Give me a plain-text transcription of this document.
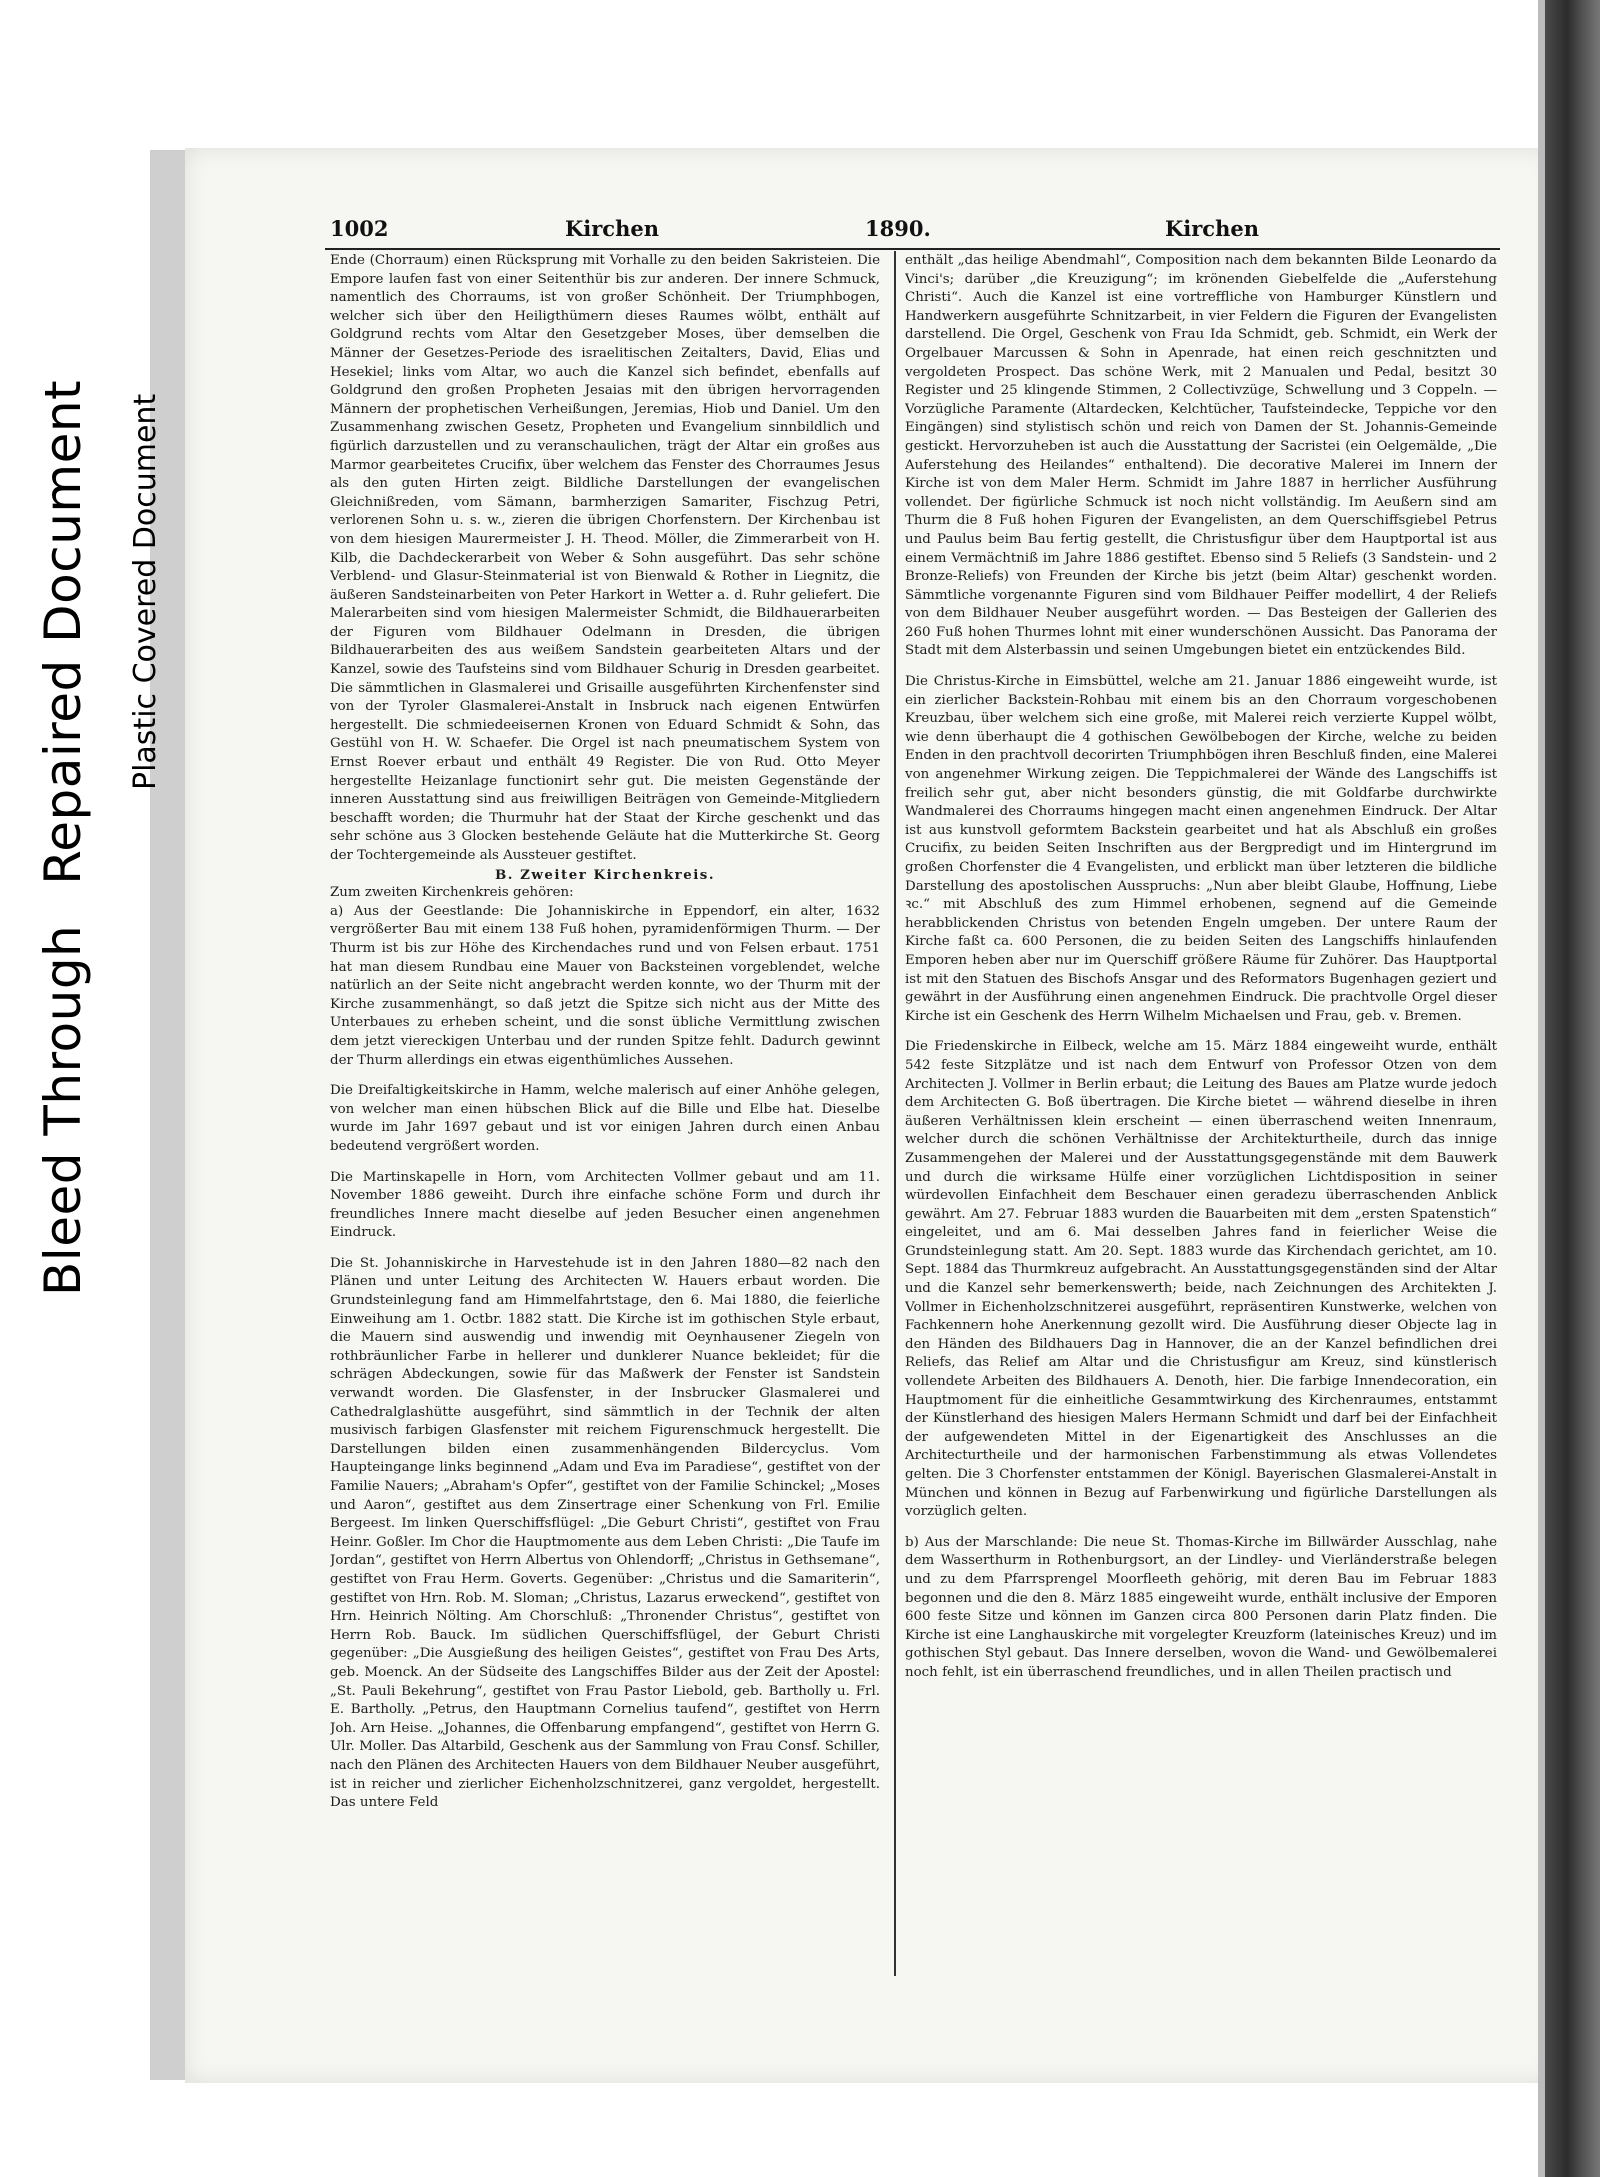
Bleed ThroughRepaired Document Plastic Covered Document
1002	Kirchen	1890.	Kirchen

Ende (Chorraum) einen Rücksprung mit Vorhalle zu den beiden Sakristeien. Die Empore laufen fast von einer Seitenthür bis zur anderen. Der innere Schmuck, namentlich des Chorraums, ist von großer Schönheit. Der Triumphbogen, welcher sich über den Heiligthümern dieses Raumes wölbt, enthält auf Goldgrund rechts vom Altar den Gesetzgeber Moses, über demselben die Männer der Gesetzes-Periode des israelitischen Zeitalters, David, Elias und Hesekiel; links vom Altar, wo auch die Kanzel sich befindet, ebenfalls auf Goldgrund den großen Propheten Jesaias mit den übrigen hervorragenden Männern der prophetischen Verheißungen, Jeremias, Hiob und Daniel. Um den Zusammenhang zwischen Gesetz, Propheten und Evangelium sinnbildlich und figürlich darzustellen und zu veranschaulichen, trägt der Altar ein großes aus Marmor gearbeitetes Crucifix, über welchem das Fenster des Chorraumes Jesus als den guten Hirten zeigt. Bildliche Darstellungen der evangelischen Gleichnißreden, vom Sämann, barmherzigen Samariter, Fischzug Petri, verlorenen Sohn u. s. w., zieren die übrigen Chorfenstern. Der Kirchenbau ist von dem hiesigen Maurermeister J. H. Theod. Möller, die Zimmerarbeit von H. Kilb, die Dachdeckerarbeit von Weber & Sohn ausgeführt. Das sehr schöne Verblend- und Glasur-Steinmaterial ist von Bienwald & Rother in Liegnitz, die äußeren Sandsteinarbeiten von Peter Harkort in Wetter a. d. Ruhr geliefert. Die Malerarbeiten sind vom hiesigen Malermeister Schmidt, die Bildhauerarbeiten der Figuren vom Bildhauer Odelmann in Dresden, die übrigen Bildhauerarbeiten des aus weißem Sandstein gearbeiteten Altars und der Kanzel, sowie des Taufsteins sind vom Bildhauer Schurig in Dresden gearbeitet. Die sämmtlichen in Glasmalerei und Grisaille ausgeführten Kirchenfenster sind von der Tyroler Glasmalerei-Anstalt in Insbruck nach eigenen Entwürfen hergestellt. Die schmiedeeisernen Kronen von Eduard Schmidt & Sohn, das Gestühl von H. W. Schaefer. Die Orgel ist nach pneumatischem System von Ernst Roever erbaut und enthält 49 Register. Die von Rud. Otto Meyer hergestellte Heizanlage functionirt sehr gut. Die meisten Gegenstände der inneren Ausstattung sind aus freiwilligen Beiträgen von Gemeinde-Mitgliedern beschafft worden; die Thurmuhr hat der Staat der Kirche geschenkt und das sehr schöne aus 3 Glocken bestehende Geläute hat die Mutterkirche St. Georg der Tochtergemeinde als Aussteuer gestiftet.

B. Zweiter Kirchenkreis.

Zum zweiten Kirchenkreis gehören:

a) Aus der Geestlande: Die Johanniskirche in Eppendorf, ein alter, 1632 vergrößerter Bau mit einem 138 Fuß hohen, pyramidenförmigen Thurm. — Der Thurm ist bis zur Höhe des Kirchendaches rund und von Felsen erbaut. 1751 hat man diesem Rundbau eine Mauer von Backsteinen vorgeblendet, welche natürlich an der Seite nicht angebracht werden konnte, wo der Thurm mit der Kirche zusammenhängt, so daß jetzt die Spitze sich nicht aus der Mitte des Unterbaues zu erheben scheint, und die sonst übliche Vermittlung zwischen dem jetzt viereckigen Unterbau und der runden Spitze fehlt. Dadurch gewinnt der Thurm allerdings ein etwas eigenthümliches Aussehen.

Die Dreifaltigkeitskirche in Hamm, welche malerisch auf einer Anhöhe gelegen, von welcher man einen hübschen Blick auf die Bille und Elbe hat. Dieselbe wurde im Jahr 1697 gebaut und ist vor einigen Jahren durch einen Anbau bedeutend vergrößert worden.

Die Martinskapelle in Horn, vom Architecten Vollmer gebaut und am 11. November 1886 geweiht. Durch ihre einfache schöne Form und durch ihr freundliches Innere macht dieselbe auf jeden Besucher einen angenehmen Eindruck.

Die St. Johanniskirche in Harvestehude ist in den Jahren 1880—82 nach den Plänen und unter Leitung des Architecten W. Hauers erbaut worden. Die Grundsteinlegung fand am Himmelfahrtstage, den 6. Mai 1880, die feierliche Einweihung am 1. Octbr. 1882 statt. Die Kirche ist im gothischen Style erbaut, die Mauern sind auswendig und inwendig mit Oeynhausener Ziegeln von rothbräunlicher Farbe in hellerer und dunklerer Nuance bekleidet; für die schrägen Abdeckungen, sowie für das Maßwerk der Fenster ist Sandstein verwandt worden. Die Glasfenster, in der Insbrucker Glasmalerei und Cathedralglashütte ausgeführt, sind sämmtlich in der Technik der alten musivisch farbigen Glasfenster mit reichem Figurenschmuck hergestellt. Die Darstellungen bilden einen zusammenhängenden Bildercyclus. Vom Haupteingange links beginnend „Adam und Eva im Paradiese“, gestiftet von der Familie Nauers; „Abraham's Opfer“, gestiftet von der Familie Schinckel; „Moses und Aaron“, gestiftet aus dem Zinsertrage einer Schenkung von Frl. Emilie Bergeest. Im linken Querschiffsflügel: „Die Geburt Christi“, gestiftet von Frau Heinr. Goßler. Im Chor die Hauptmomente aus dem Leben Christi: „Die Taufe im Jordan“, gestiftet von Herrn Albertus von Ohlendorff; „Christus in Gethsemane“, gestiftet von Frau Herm. Goverts. Gegenüber: „Christus und die Samariterin“, gestiftet von Hrn. Rob. M. Sloman; „Christus, Lazarus erweckend“, gestiftet von Hrn. Heinrich Nölting. Am Chorschluß: „Thronender Christus“, gestiftet von Herrn Rob. Bauck. Im südlichen Querschiffsflügel, der Geburt Christi gegenüber: „Die Ausgießung des heiligen Geistes“, gestiftet von Frau Des Arts, geb. Moenck. An der Südseite des Langschiffes Bilder aus der Zeit der Apostel: „St. Pauli Bekehrung“, gestiftet von Frau Pastor Liebold, geb. Bartholly u. Frl. E. Bartholly. „Petrus, den Hauptmann Cornelius taufend“, gestiftet von Herrn Joh. Arn Heise. „Johannes, die Offenbarung empfangend“, gestiftet von Herrn G. Ulr. Moller. Das Altarbild, Geschenk aus der Sammlung von Frau Consf. Schiller, nach den Plänen des Architecten Hauers von dem Bildhauer Neuber ausgeführt, ist in reicher und zierlicher Eichenholzschnitzerei, ganz vergoldet, hergestellt. Das untere Feld

enthält „das heilige Abendmahl“, Composition nach dem bekannten Bilde Leonardo da Vinci's; darüber „die Kreuzigung“; im krönenden Giebelfelde die „Auferstehung Christi“. Auch die Kanzel ist eine vortreffliche von Hamburger Künstlern und Handwerkern ausgeführte Schnitzarbeit, in vier Feldern die Figuren der Evangelisten darstellend. Die Orgel, Geschenk von Frau Ida Schmidt, geb. Schmidt, ein Werk der Orgelbauer Marcussen & Sohn in Apenrade, hat einen reich geschnitzten und vergoldeten Prospect. Das schöne Werk, mit 2 Manualen und Pedal, besitzt 30 Register und 25 klingende Stimmen, 2 Collectivzüge, Schwellung und 3 Coppeln. — Vorzügliche Paramente (Altardecken, Kelchtücher, Taufsteindecke, Teppiche vor den Eingängen) sind stylistisch schön und reich von Damen der St. Johannis-Gemeinde gestickt. Hervorzuheben ist auch die Ausstattung der Sacristei (ein Oelgemälde, „Die Auferstehung des Heilandes“ enthaltend). Die decorative Malerei im Innern der Kirche ist von dem Maler Herm. Schmidt im Jahre 1887 in herrlicher Ausführung vollendet. Der figürliche Schmuck ist noch nicht vollständig. Im Aeußern sind am Thurm die 8 Fuß hohen Figuren der Evangelisten, an dem Querschiffsgiebel Petrus und Paulus beim Bau fertig gestellt, die Christusfigur über dem Hauptportal ist aus einem Vermächtniß im Jahre 1886 gestiftet. Ebenso sind 5 Reliefs (3 Sandstein- und 2 Bronze-Reliefs) von Freunden der Kirche bis jetzt (beim Altar) geschenkt worden. Sämmtliche vorgenannte Figuren sind vom Bildhauer Peiffer modellirt, 4 der Reliefs von dem Bildhauer Neuber ausgeführt worden. — Das Besteigen der Gallerien des 260 Fuß hohen Thurmes lohnt mit einer wunderschönen Aussicht. Das Panorama der Stadt mit dem Alsterbassin und seinen Umgebungen bietet ein entzückendes Bild.

Die Christus-Kirche in Eimsbüttel, welche am 21. Januar 1886 eingeweiht wurde, ist ein zierlicher Backstein-Rohbau mit einem bis an den Chorraum vorgeschobenen Kreuzbau, über welchem sich eine große, mit Malerei reich verzierte Kuppel wölbt, wie denn überhaupt die 4 gothischen Gewölbebogen der Kirche, welche zu beiden Enden in den prachtvoll decorirten Triumphbögen ihren Beschluß finden, eine Malerei von angenehmer Wirkung zeigen. Die Teppichmalerei der Wände des Langschiffs ist freilich sehr gut, aber nicht besonders günstig, die mit Goldfarbe durchwirkte Wandmalerei des Chorraums hingegen macht einen angenehmen Eindruck. Der Altar ist aus kunstvoll geformtem Backstein gearbeitet und hat als Abschluß ein großes Crucifix, zu beiden Seiten Inschriften aus der Bergpredigt und im Hintergrund im großen Chorfenster die 4 Evangelisten, und erblickt man über letzteren die bildliche Darstellung des apostolischen Ausspruchs: „Nun aber bleibt Glaube, Hoffnung, Liebe ꝛc.“ mit Abschluß des zum Himmel erhobenen, segnend auf die Gemeinde herabblickenden Christus von betenden Engeln umgeben. Der untere Raum der Kirche faßt ca. 600 Personen, die zu beiden Seiten des Langschiffs hinlaufenden Emporen heben aber nur im Querschiff größere Räume für Zuhörer. Das Hauptportal ist mit den Statuen des Bischofs Ansgar und des Reformators Bugenhagen geziert und gewährt in der Ausführung einen angenehmen Eindruck. Die prachtvolle Orgel dieser Kirche ist ein Geschenk des Herrn Wilhelm Michaelsen und Frau, geb. v. Bremen.

Die Friedenskirche in Eilbeck, welche am 15. März 1884 eingeweiht wurde, enthält 542 feste Sitzplätze und ist nach dem Entwurf von Professor Otzen von dem Architecten J. Vollmer in Berlin erbaut; die Leitung des Baues am Platze wurde jedoch dem Architecten G. Boß übertragen. Die Kirche bietet — während dieselbe in ihren äußeren Verhältnissen klein erscheint — einen überraschend weiten Innenraum, welcher durch die schönen Verhältnisse der Architekturtheile, durch das innige Zusammengehen der Malerei und der Ausstattungsgegenstände mit dem Bauwerk und durch die wirksame Hülfe einer vorzüglichen Lichtdisposition in seiner würdevollen Einfachheit dem Beschauer einen geradezu überraschenden Anblick gewährt. Am 27. Februar 1883 wurden die Bauarbeiten mit dem „ersten Spatenstich“ eingeleitet, und am 6. Mai desselben Jahres fand in feierlicher Weise die Grundsteinlegung statt. Am 20. Sept. 1883 wurde das Kirchendach gerichtet, am 10. Sept. 1884 das Thurmkreuz aufgebracht. An Ausstattungsgegenständen sind der Altar und die Kanzel sehr bemerkenswerth; beide, nach Zeichnungen des Architekten J. Vollmer in Eichenholzschnitzerei ausgeführt, repräsentiren Kunstwerke, welchen von Fachkennern hohe Anerkennung gezollt wird. Die Ausführung dieser Objecte lag in den Händen des Bildhauers Dag in Hannover, die an der Kanzel befindlichen drei Reliefs, das Relief am Altar und die Christusfigur am Kreuz, sind künstlerisch vollendete Arbeiten des Bildhauers A. Denoth, hier. Die farbige Innendecoration, ein Hauptmoment für die einheitliche Gesammtwirkung des Kirchenraumes, entstammt der Künstlerhand des hiesigen Malers Hermann Schmidt und darf bei der Einfachheit der aufgewendeten Mittel in der Eigenartigkeit des Anschlusses an die Architecturtheile und der harmonischen Farbenstimmung als etwas Vollendetes gelten. Die 3 Chorfenster entstammen der Königl. Bayerischen Glasmalerei-Anstalt in München und können in Bezug auf Farbenwirkung und figürliche Darstellungen als vorzüglich gelten.

b) Aus der Marschlande: Die neue St. Thomas-Kirche im Billwärder Ausschlag, nahe dem Wasserthurm in Rothenburgsort, an der Lindley- und Vierländerstraße belegen und zu dem Pfarrsprengel Moorfleeth gehörig, mit deren Bau im Februar 1883 begonnen und die den 8. März 1885 eingeweiht wurde, enthält inclusive der Emporen 600 feste Sitze und können im Ganzen circa 800 Personen darin Platz finden. Die Kirche ist eine Langhauskirche mit vorgelegter Kreuzform (lateinisches Kreuz) und im gothischen Styl gebaut. Das Innere derselben, wovon die Wand- und Gewölbemalerei noch fehlt, ist ein überraschend freundliches, und in allen Theilen practisch und
